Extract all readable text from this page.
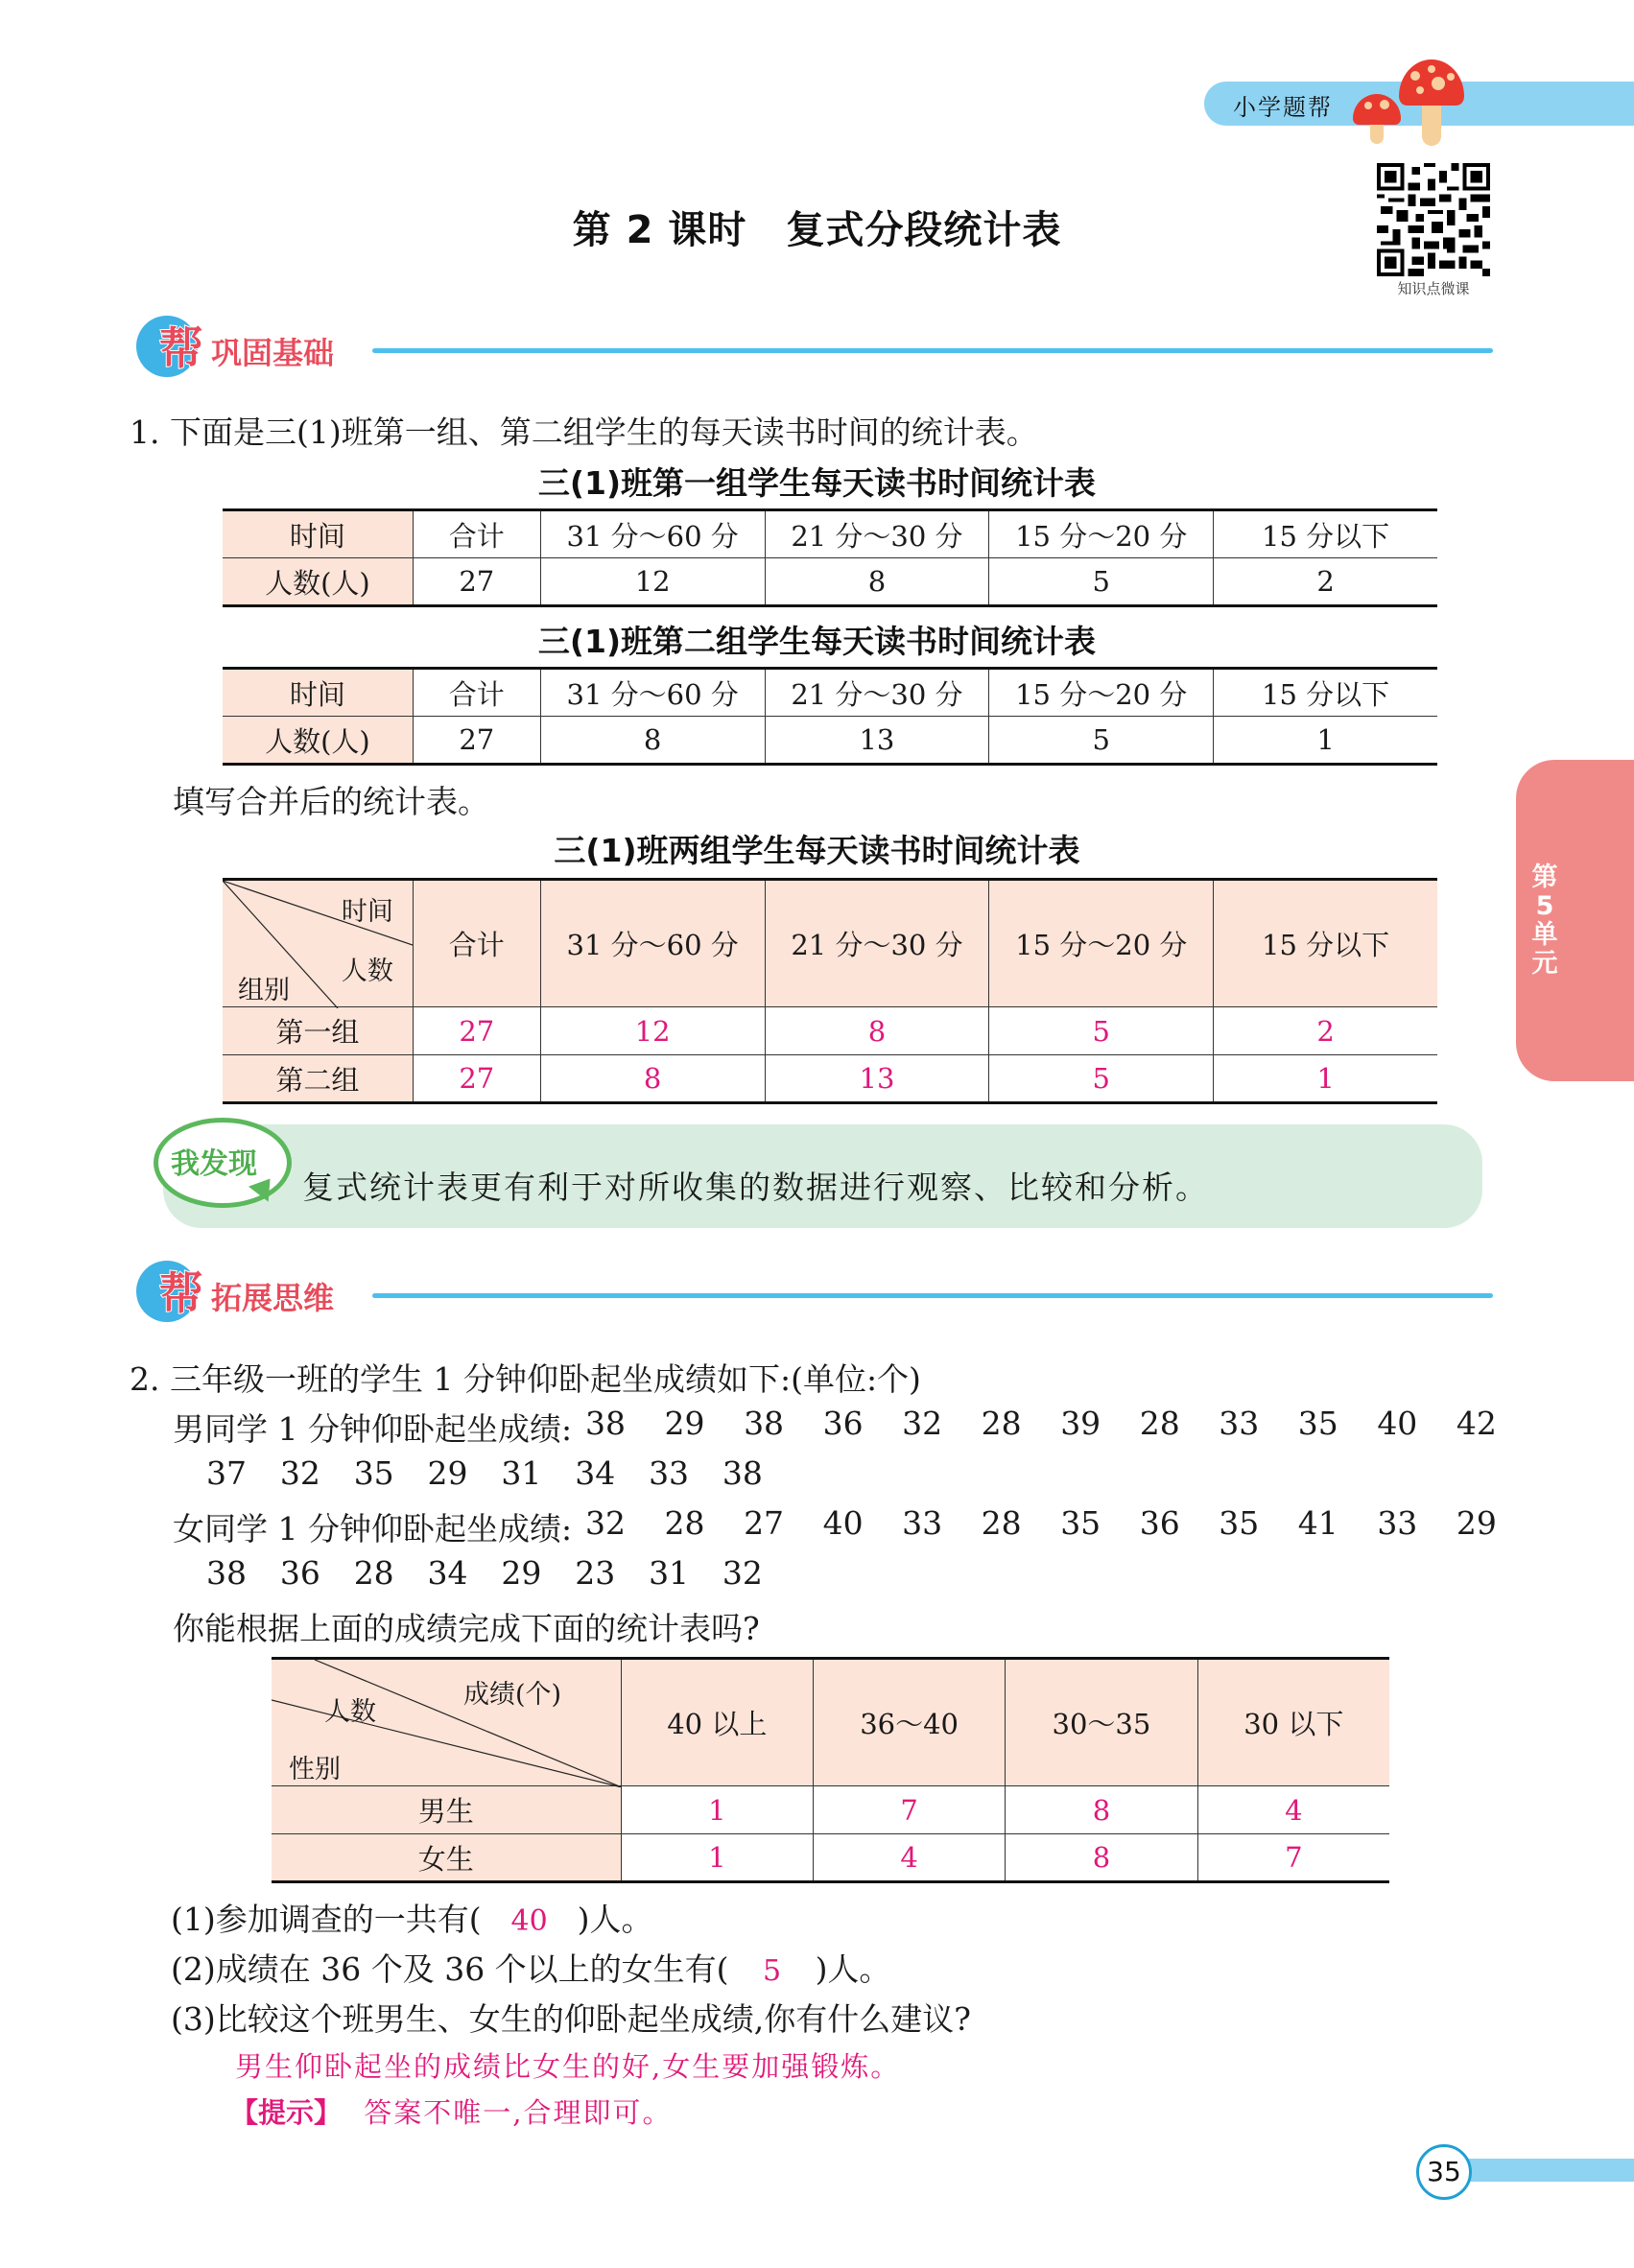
小学题帮
知识点微课
第 2 课时　复式分段统计表
帮 巩固基础
1. 下面是三(1)班第一组、第二组学生的每天读书时间的统计表。
三(1)班第一组学生每天读书时间统计表
时间	合计	31 分～60 分	21 分～30 分	15 分～20 分	15 分以下
人数(人)	27	12	8	5	2
三(1)班第二组学生每天读书时间统计表
时间	合计	31 分～60 分	21 分～30 分	15 分～20 分	15 分以下
人数(人)	27	8	13	5	1
填写合并后的统计表。
三(1)班两组学生每天读书时间统计表
时间
人数
组别	合计	31 分～60 分	21 分～30 分	15 分～20 分	15 分以下
第一组	27	12	8	5	2
第二组	27	8	13	5	1
我发现
复式统计表更有利于对所收集的数据进行观察、比较和分析。
帮 拓展思维
2. 三年级一班的学生 1 分钟仰卧起坐成绩如下:(单位:个)
男同学 1 分钟仰卧起坐成绩: 38 29 38 36 32 28 39 28 33 35 40 42
37 32 35 29 31 34 33 38
女同学 1 分钟仰卧起坐成绩: 32 28 27 40 33 28 35 36 35 41 33 29
38 36 28 34 29 23 31 32
你能根据上面的成绩完成下面的统计表吗?
成绩(个)
人数
性别	40 以上	36～40	30～35	30 以下
男生	1	7	8	4
女生	1	4	8	7
(1)参加调查的一共有( 40 )人。
(2)成绩在 36 个及 36 个以上的女生有( 5 )人。
(3)比较这个班男生、女生的仰卧起坐成绩,你有什么建议?
男生仰卧起坐的成绩比女生的好,女生要加强锻炼。
【提示】 答案不唯一,合理即可。
第
5
单
元
35
